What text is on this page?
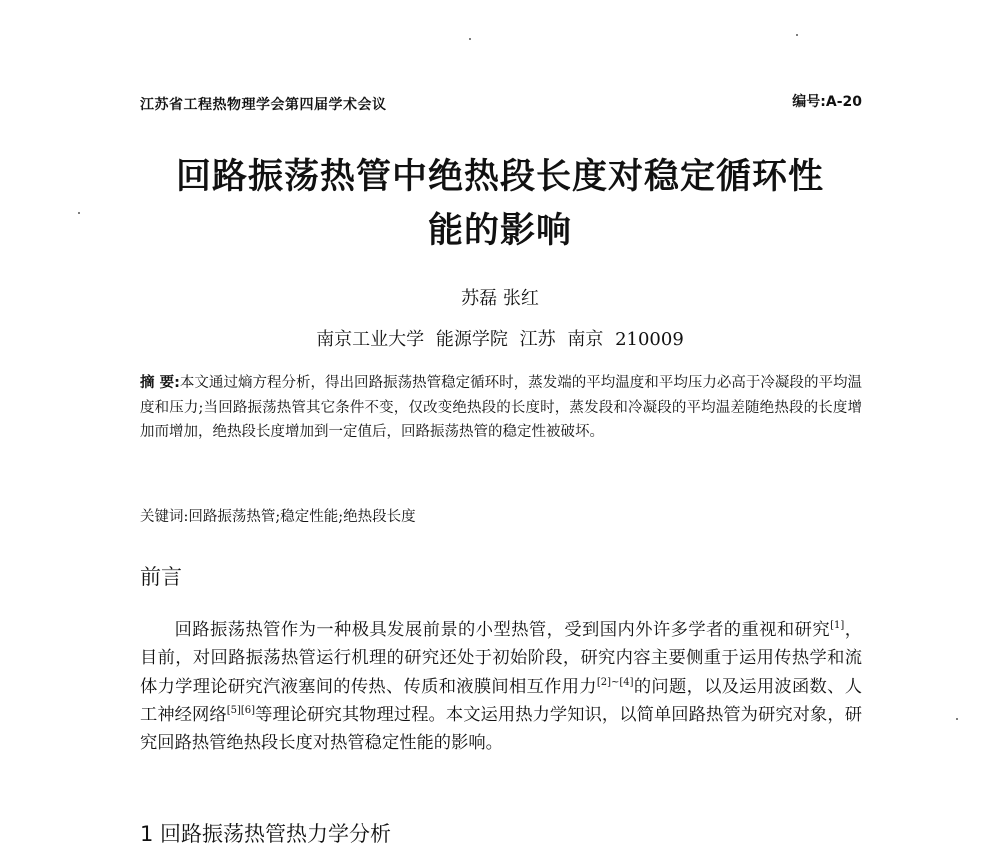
江苏省工程热物理学会第四届学术会议	编号:A-20
回路振荡热管中绝热段长度对稳定循环性
能的影响
苏磊 张红
南京工业大学 能源学院 江苏 南京 210009

摘 要:本文通过熵方程分析，得出回路振荡热管稳定循环时，蒸发端的平均温度和平均压力必高于冷凝段的平均温度和压力;当回路振荡热管其它条件不变，仅改变绝热段的长度时，蒸发段和冷凝段的平均温差随绝热段的长度增加而增加，绝热段长度增加到一定值后，回路振荡热管的稳定性被破坏。

关键词:回路振荡热管;稳定性能;绝热段长度
前言

回路振荡热管作为一种极具发展前景的小型热管，受到国内外许多学者的重视和研究[1]，目前，对回路振荡热管运行机理的研究还处于初始阶段，研究内容主要侧重于运用传热学和流体力学理论研究汽液塞间的传热、传质和液膜间相互作用力[2]~[4]的问题，以及运用波函数、人工神经网络[5][6]等理论研究其物理过程。本文运用热力学知识，以简单回路热管为研究对象，研究回路热管绝热段长度对热管稳定性能的影响。

1 回路振荡热管热力学分析
